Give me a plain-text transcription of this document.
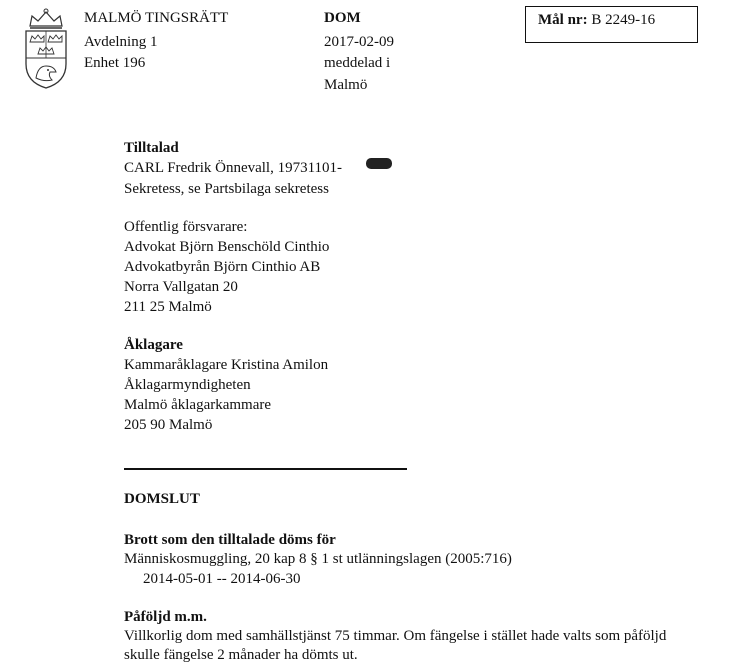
MALMÖ TINGSRÄTT
Avdelning 1
Enhet 196
DOM
2017-02-09
meddelad i
Malmö
Mål nr: B 2249-16
Tilltalad
CARL Fredrik Önnevall, 19731101-
Sekretess, se Partsbilaga sekretess
Offentlig försvarare:
Advokat Björn Benschöld Cinthio
Advokatbyrån Björn Cinthio AB
Norra Vallgatan 20
211 25 Malmö
Åklagare
Kammaråklagare Kristina Amilon
Åklagarmyndigheten
Malmö åklagarkammare
205 90 Malmö
DOMSLUT
Brott som den tilltalade döms för
Människosmuggling, 20 kap 8 § 1 st utlänningslagen (2005:716)
2014-05-01 -- 2014-06-30
Påföljd m.m.
Villkorlig dom med samhällstjänst 75 timmar. Om fängelse i stället hade valts som påföljd
skulle fängelse 2 månader ha dömts ut.
